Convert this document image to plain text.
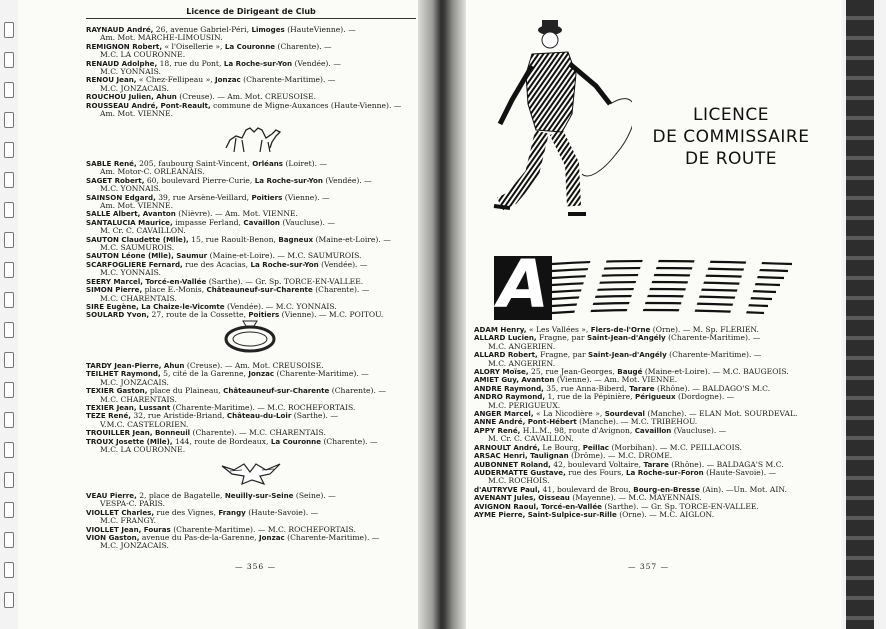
Licence de Dirigeant de Club

RAYNAUD André, 26, avenue Gabriel-Péri, Limoges (HauteVienne). —
Am. Mot. MARCHE-LIMOUSIN.

REMIGNON Robert, « l'Oisellerie », La Couronne (Charente). —
M.C. LA COURONNE.

RENAUD Adolphe, 18, rue du Pont, La Roche-sur-Yon (Vendée). —
M.C. YONNAIS.

RENOU Jean, « Chez-Fellipeau », Jonzac (Charente-Maritime). —
M.C. JONZACAIS.

ROUCHOU Julien, Ahun (Creuse). — Am. Mot. CREUSOISE.

ROUSSEAU André, Pont-Reault, commune de Migne-Auxances (Haute-Vienne). —
Am. Mot. VIENNE.

SABLE René, 205, faubourg Saint-Vincent, Orléans (Loiret). —
Am. Motor-C. ORLEANAIS.

SAGET Robert, 60, boulevard Pierre-Curie, La Roche-sur-Yon (Vendée). —
M.C. YONNAIS.

SAINSON Edgard, 39, rue Arsène-Veillard, Poitiers (Vienne). —
Am. Mot. VIENNE.

SALLE Albert, Avanton (Nièvre). — Am. Mot. VIENNE.

SANTALUCIA Maurice, impasse Ferland, Cavaillon (Vaucluse). —
M. Cr. C. CAVAILLON.

SAUTON Claudette (Mlle), 15, rue Raoult-Benon, Bagneux (Maine-et-Loire). —
M.C. SAUMUROIS.

SAUTON Léone (Mlle), Saumur (Maine-et-Loire). — M.C. SAUMUROIS.

SCARFOGLIERE Fernard, rue des Acacias, La Roche-sur-Yon (Vendée). —
M.C. YONNAIS.

SEERY Marcel, Torcé-en-Vallée (Sarthe). — Gr. Sp. TORCE-EN-VALLEE.

SIMON Pierre, place E.-Monis, Châteauneuf-sur-Charente (Charente). —
M.C. CHARENTAIS.

SIRE Eugène, La Chaize-le-Vicomte (Vendée). — M.C. YONNAIS.

SOULARD Yvon, 27, route de la Cossette, Poitiers (Vienne). — M.C. POITOU.

TARDY Jean-Pierre, Ahun (Creuse). — Am. Mot. CREUSOISE.

TEILHET Raymond, 5, cité de la Garenne, Jonzac (Charente-Maritime). —
M.C. JONZACAIS.

TEXIER Gaston, place du Plaineau, Châteauneuf-sur-Charente (Charente). —
M.C. CHARENTAIS.

TEXIER Jean, Lussant (Charente-Maritime). — M.C. ROCHEFORTAIS.

TEZE René, 32, rue Aristide-Briand, Château-du-Loir (Sarthe). —
V.M.C. CASTELORIEN.

TROUILLER Jean, Bonneuil (Charente). — M.C. CHARENTAIS.

TROUX Josette (Mlle), 144, route de Bordeaux, La Couronne (Charente). —
M.C. LA COURONNE.

VEAU Pierre, 2, place de Bagatelle, Neuilly-sur-Seine (Seine). —
VESPA-C. PARIS.

VIOLLET Charles, rue des Vignes, Frangy (Haute-Savoie). —
M.C. FRANGY.

VIOLLET Jean, Fouras (Charente-Maritime). — M.C. ROCHEFORTAIS.

VION Gaston, avenue du Pas-de-la-Garenne, Jonzac (Charente-Maritime). —
M.C. JONZACAIS.

— 356 —
LICENCE
DE COMMISSAIRE
DE ROUTE
A

ADAM Henry, « Les Vallées », Flers-de-l'Orne (Orne). — M. Sp. FLERIEN.

ALLARD Lucien, Fragne, par Saint-Jean-d'Angély (Charente-Maritime). —
M.C. ANGERIEN.

ALLARD Robert, Fragne, par Saint-Jean-d'Angély (Charente-Maritime). —
M.C. ANGERIEN.

ALORY Moïse, 25, rue Jean-Georges, Baugé (Maine-et-Loire). — M.C. BAUGEOIS.

AMIET Guy, Avanton (Vienne). — Am. Mot. VIENNE.

ANDRE Raymond, 35, rue Anna-Biberd, Tarare (Rhône). — BALDAGO'S M.C.

ANDRO Raymond, 1, rue de la Pépinière, Périgueux (Dordogne). —
M.C. PERIGUEUX.

ANGER Marcel, « La Nicodière », Sourdeval (Manche). — ELAN Mot. SOURDEVAL.

ANNE André, Pont-Hébert (Manche). — M.C. TRIBEHOU.

APPY René, H.L.M., 98, route d'Avignon, Cavaillon (Vaucluse). —
M. Cr. C. CAVAILLON.

ARNOULT André, Le Bourg, Peillac (Morbihan). — M.C. PEILLACOIS.

ARSAC Henri, Taulignan (Drôme). — M.C. DROME.

AUBONNET Roland, 42, boulevard Voltaire, Tarare (Rhône). — BALDAGA'S M.C.

AUDERMATTE Gustave, rue des Fours, La Roche-sur-Foron (Haute-Savoie). —
M.C. ROCHOIS.

d'AUTRYVE Paul, 41, boulevard de Brou, Bourg-en-Bresse (Ain). —Un. Mot. AIN.

AVENANT Jules, Oisseau (Mayenne). — M.C. MAYENNAIS.

AVIGNON Raoul, Torcé-en-Vallée (Sarthe). — Gr. Sp. TORCE-EN-VALLEE.

AYME Pierre, Saint-Sulpice-sur-Rille (Orne). — M.C. AIGLON.

— 357 —
